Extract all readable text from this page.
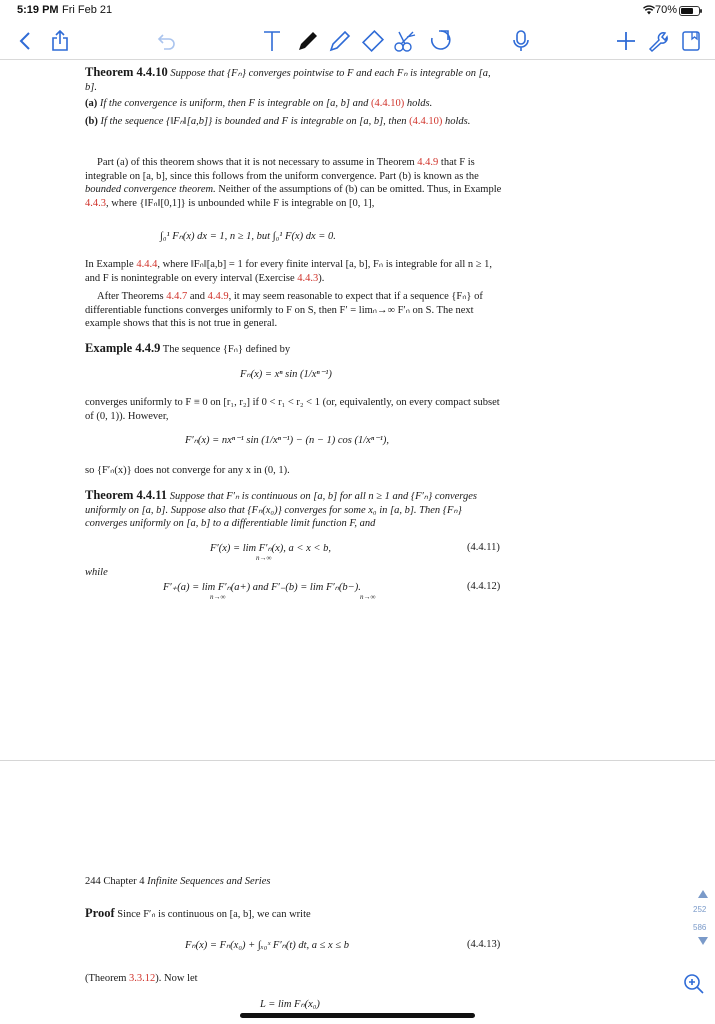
5:19 PM Fri Feb 21	70%
Theorem 4.4.10 Suppose that {Fₙ} converges pointwise to F and each Fₙ is integrable on [a, b].
(a) If the convergence is uniform, then F is integrable on [a, b] and (4.4.10) holds.
(b) If the sequence {‖Fₙ‖[a,b]} is bounded and F is integrable on [a, b], then (4.4.10) holds.
Part (a) of this theorem shows that it is not necessary to assume in Theorem 4.4.9 that F is integrable on [a, b], since this follows from the uniform convergence. Part (b) is known as the bounded convergence theorem. Neither of the assumptions of (b) can be omitted. Thus, in Example 4.4.3, where {‖Fₙ‖[0,1]} is unbounded while F is integrable on [0, 1],
∫₀¹ Fₙ(x) dx = 1, n ≥ 1, but ∫₀¹ F(x) dx = 0.
In Example 4.4.4, where ‖Fₙ‖[a,b] = 1 for every finite interval [a, b], Fₙ is integrable for all n ≥ 1, and F is nonintegrable on every interval (Exercise 4.4.3).
After Theorems 4.4.7 and 4.4.9, it may seem reasonable to expect that if a sequence {Fₙ} of differentiable functions converges uniformly to F on S, then F′ = limₙ→∞ F′ₙ on S. The next example shows that this is not true in general.
Example 4.4.9 The sequence {Fₙ} defined by
Fₙ(x) = xⁿ sin (1/xⁿ⁻¹)
converges uniformly to F ≡ 0 on [r₁, r₂] if 0 < r₁ < r₂ < 1 (or, equivalently, on every compact subset of (0, 1)). However,
F′ₙ(x) = nxⁿ⁻¹ sin (1/xⁿ⁻¹) − (n − 1) cos (1/xⁿ⁻¹),
so {F′ₙ(x)} does not converge for any x in (0, 1).
Theorem 4.4.11 Suppose that F′ₙ is continuous on [a, b] for all n ≥ 1 and {F′ₙ} converges uniformly on [a, b]. Suppose also that {Fₙ(x₀)} converges for some x₀ in [a, b]. Then {Fₙ} converges uniformly on [a, b] to a differentiable limit function F, and
F′(x) = lim F′ₙ(x), a < x < b,
n→∞
(4.4.11)
while
F′₊(a) = lim F′ₙ(a+) and F′₋(b) = lim F′ₙ(b−).
n→∞	n→∞
(4.4.12)
244 Chapter 4 Infinite Sequences and Series
Proof Since F′ₙ is continuous on [a, b], we can write
Fₙ(x) = Fₙ(x₀) + ∫ₓ₀ˣ F′ₙ(t) dt, a ≤ x ≤ b	(4.4.13)
(Theorem 3.3.12). Now let
L = lim Fₙ(x₀)
252
586
